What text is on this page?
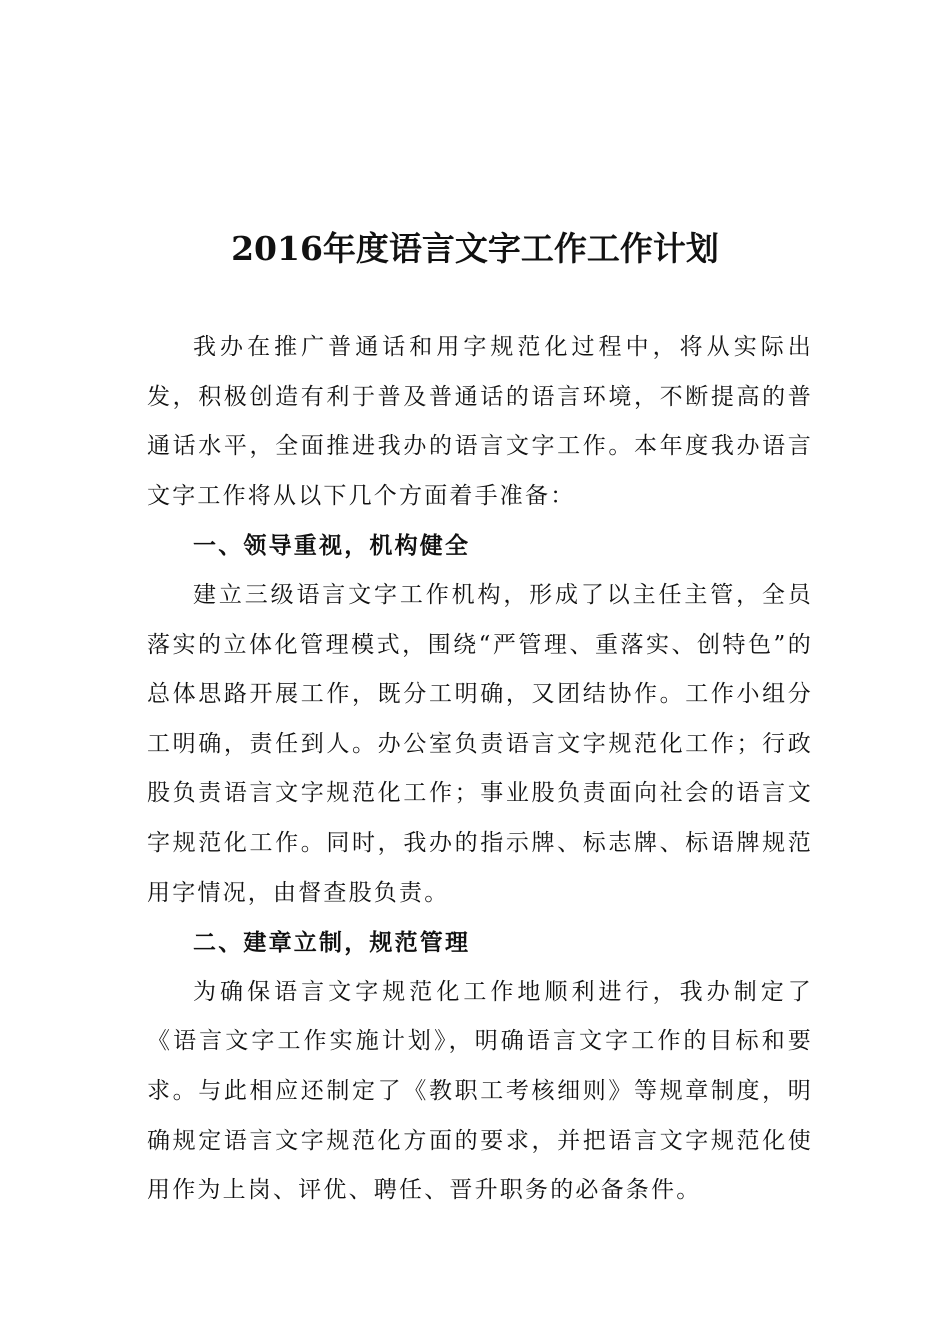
2016年度语言文字工作工作计划

我办在推广普通话和用字规范化过程中，将从实际出发，积极创造有利于普及普通话的语言环境，不断提高的普通话水平，全面推进我办的语言文字工作。本年度我办语言文字工作将从以下几个方面着手准备：

一、领导重视，机构健全

建立三级语言文字工作机构，形成了以主任主管，全员落实的立体化管理模式，围绕“严管理、重落实、创特色”的总体思路开展工作，既分工明确，又团结协作。工作小组分工明确，责任到人。办公室负责语言文字规范化工作；行政股负责语言文字规范化工作；事业股负责面向社会的语言文字规范化工作。同时，我办的指示牌、标志牌、标语牌规范用字情况，由督查股负责。

二、建章立制，规范管理

为确保语言文字规范化工作地顺利进行，我办制定了《语言文字工作实施计划》，明确语言文字工作的目标和要求。与此相应还制定了《教职工考核细则》等规章制度，明确规定语言文字规范化方面的要求，并把语言文字规范化使用作为上岗、评优、聘任、晋升职务的必备条件。
